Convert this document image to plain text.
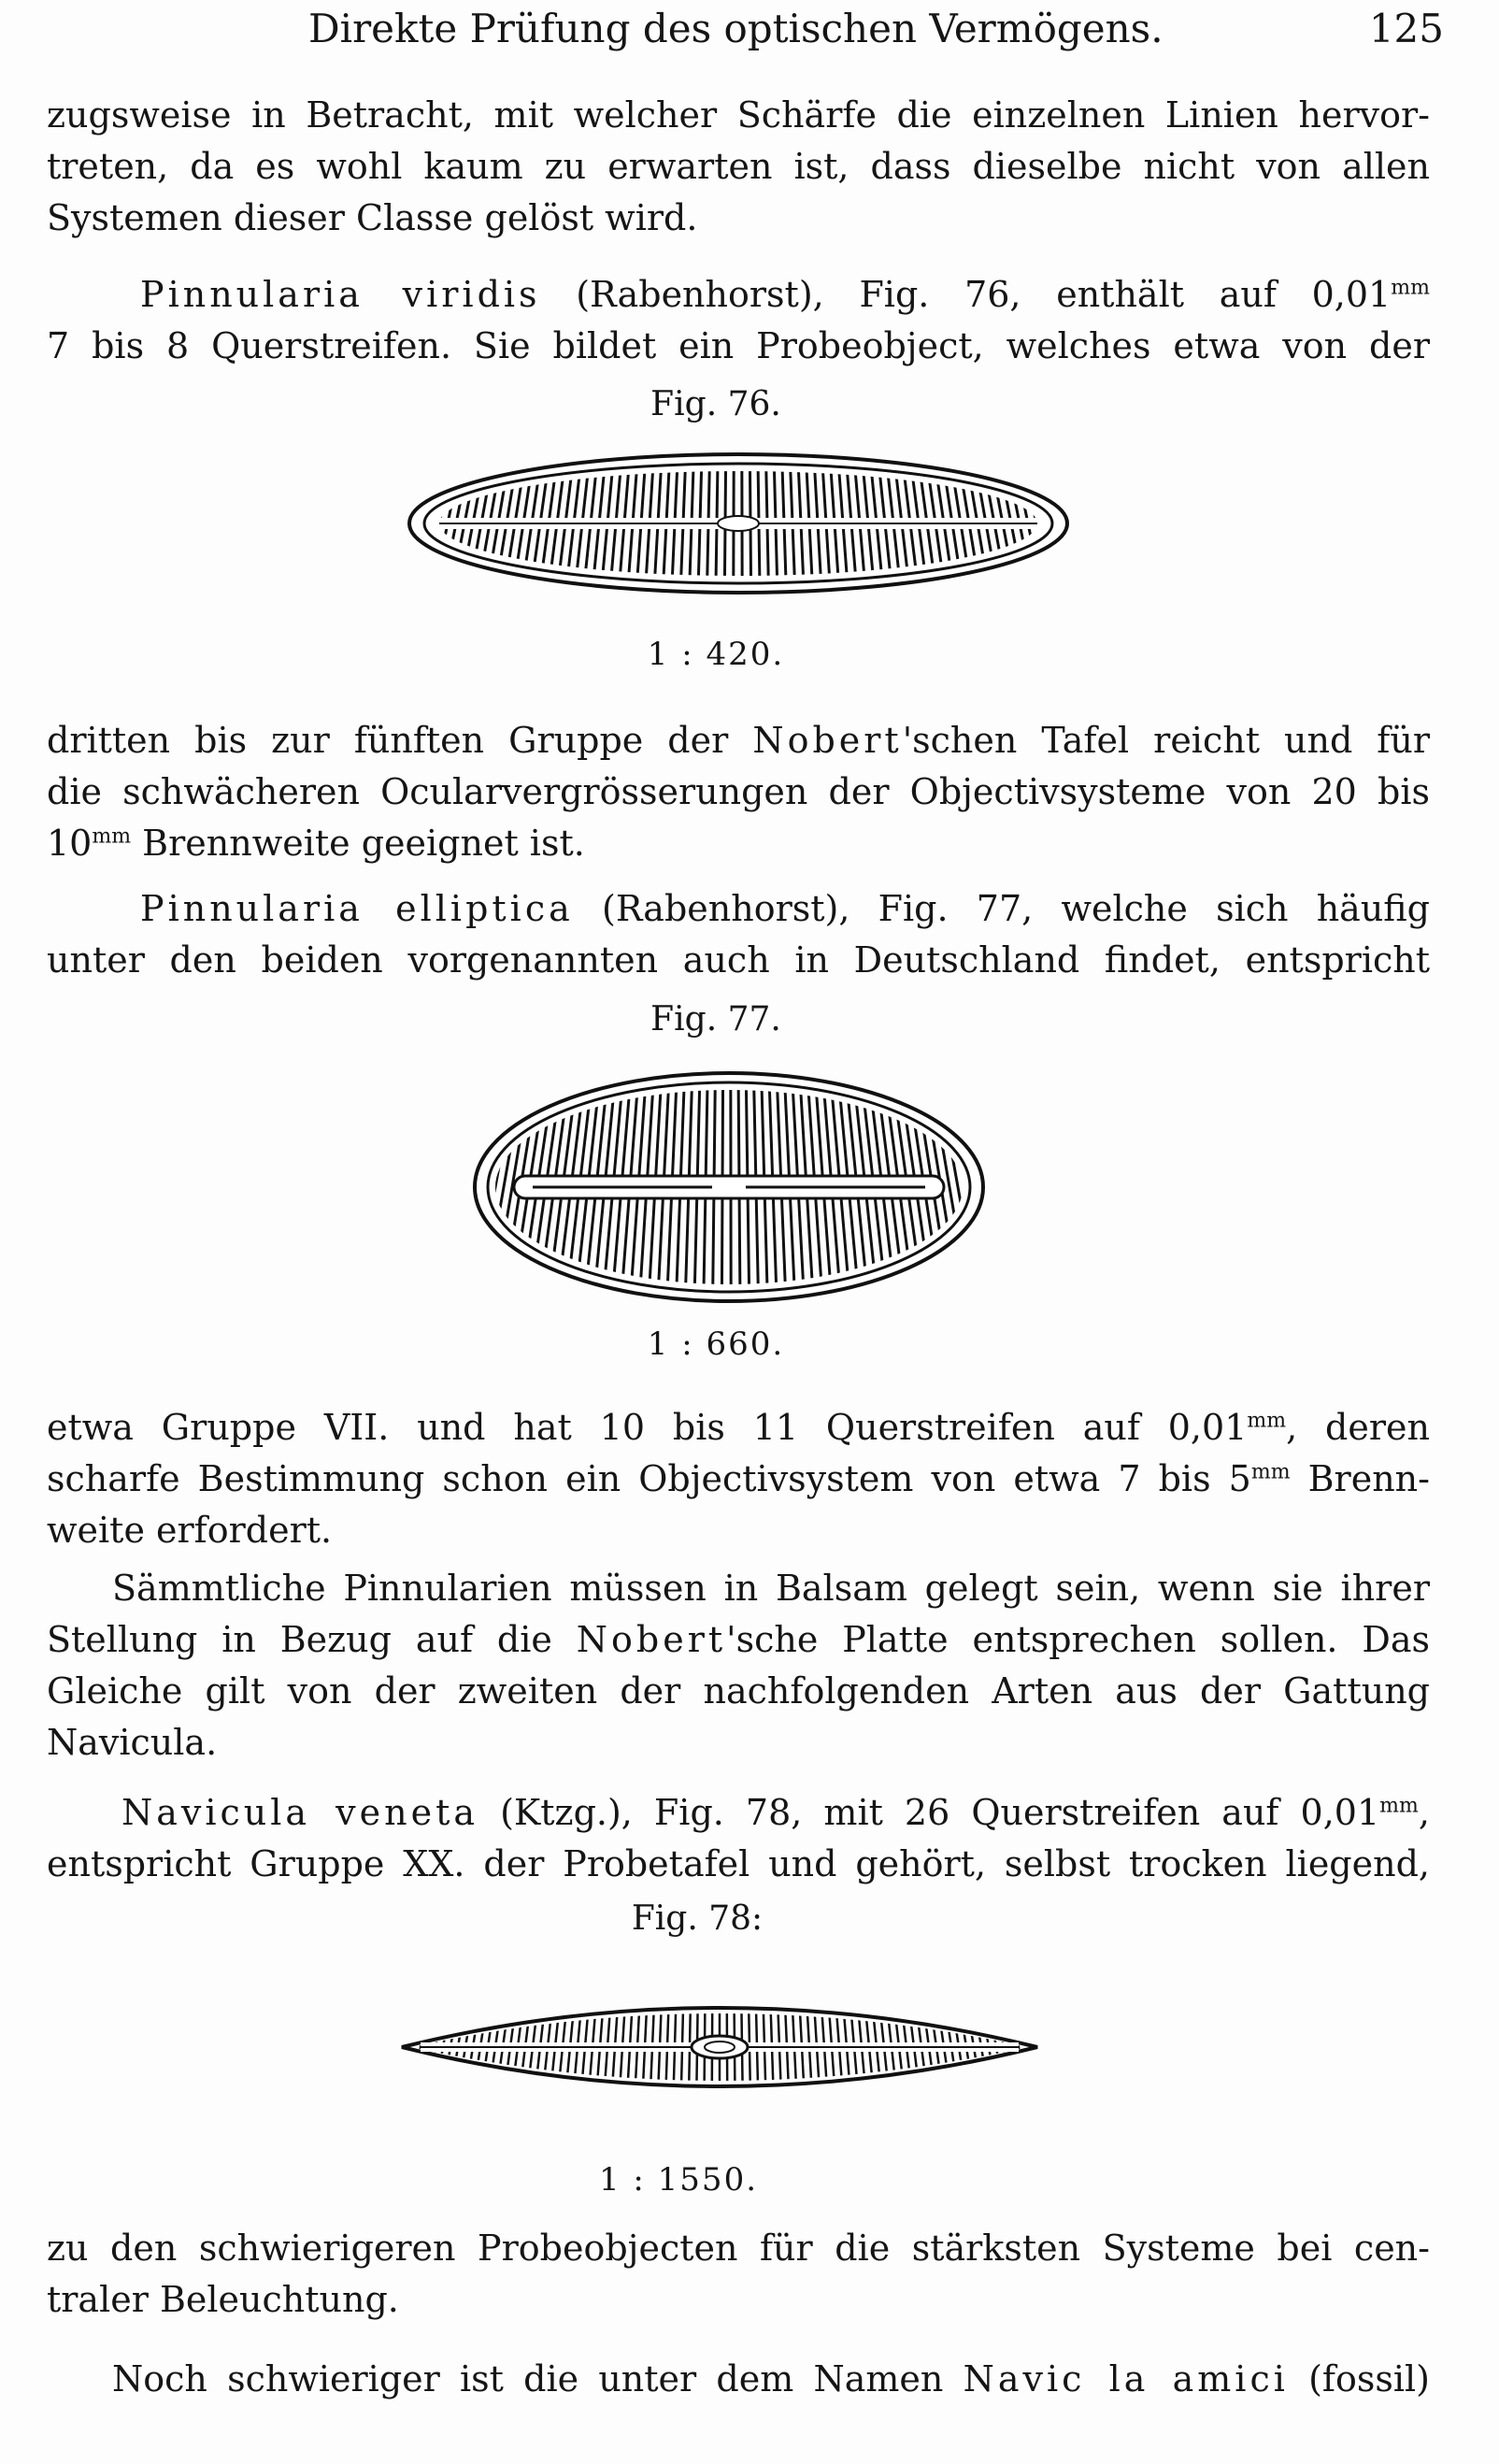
Direkte Prüfung des optischen Vermögens.	125
zugsweise in Betracht, mit welcher Schärfe die einzelnen Linien hervor-
treten, da es wohl kaum zu erwarten ist, dass dieselbe nicht von allen
Systemen dieser Classe gelöst wird.
Pinnularia viridis (Rabenhorst), Fig. 76, enthält auf $0,01^{mm}$
7 bis 8 Querstreifen. Sie bildet ein Probeobject, welches etwa von der
Fig. 76.
1 : 420.
dritten bis zur fünften Gruppe der Nobert'schen Tafel reicht und für
die schwächeren Ocularvergrösserungen der Objectivsysteme von 20 bis
$10^{mm}$ Brennweite geeignet ist.
Pinnularia elliptica (Rabenhorst), Fig. 77, welche sich häufig
unter den beiden vorgenannten auch in Deutschland findet, entspricht
Fig. 77.
1 : 660.
etwa Gruppe VII. und hat 10 bis 11 Querstreifen auf $0,01^{mm}$, deren
scharfe Bestimmung schon ein Objectivsystem von etwa 7 bis $5^{mm}$ Brenn-
weite erfordert.
Sämmtliche Pinnularien müssen in Balsam gelegt sein, wenn sie ihrer
Stellung in Bezug auf die Nobert'sche Platte entsprechen sollen. Das
Gleiche gilt von der zweiten der nachfolgenden Arten aus der Gattung
Navicula.
Navicula veneta (Ktzg.), Fig. 78, mit 26 Querstreifen auf $0,01^{mm}$,
entspricht Gruppe XX. der Probetafel und gehört, selbst trocken liegend,
Fig. 78:
1 : 1550.
zu den schwierigeren Probeobjecten für die stärksten Systeme bei cen-
traler Beleuchtung.
Noch schwieriger ist die unter dem Namen Navic la amici (fossil)
